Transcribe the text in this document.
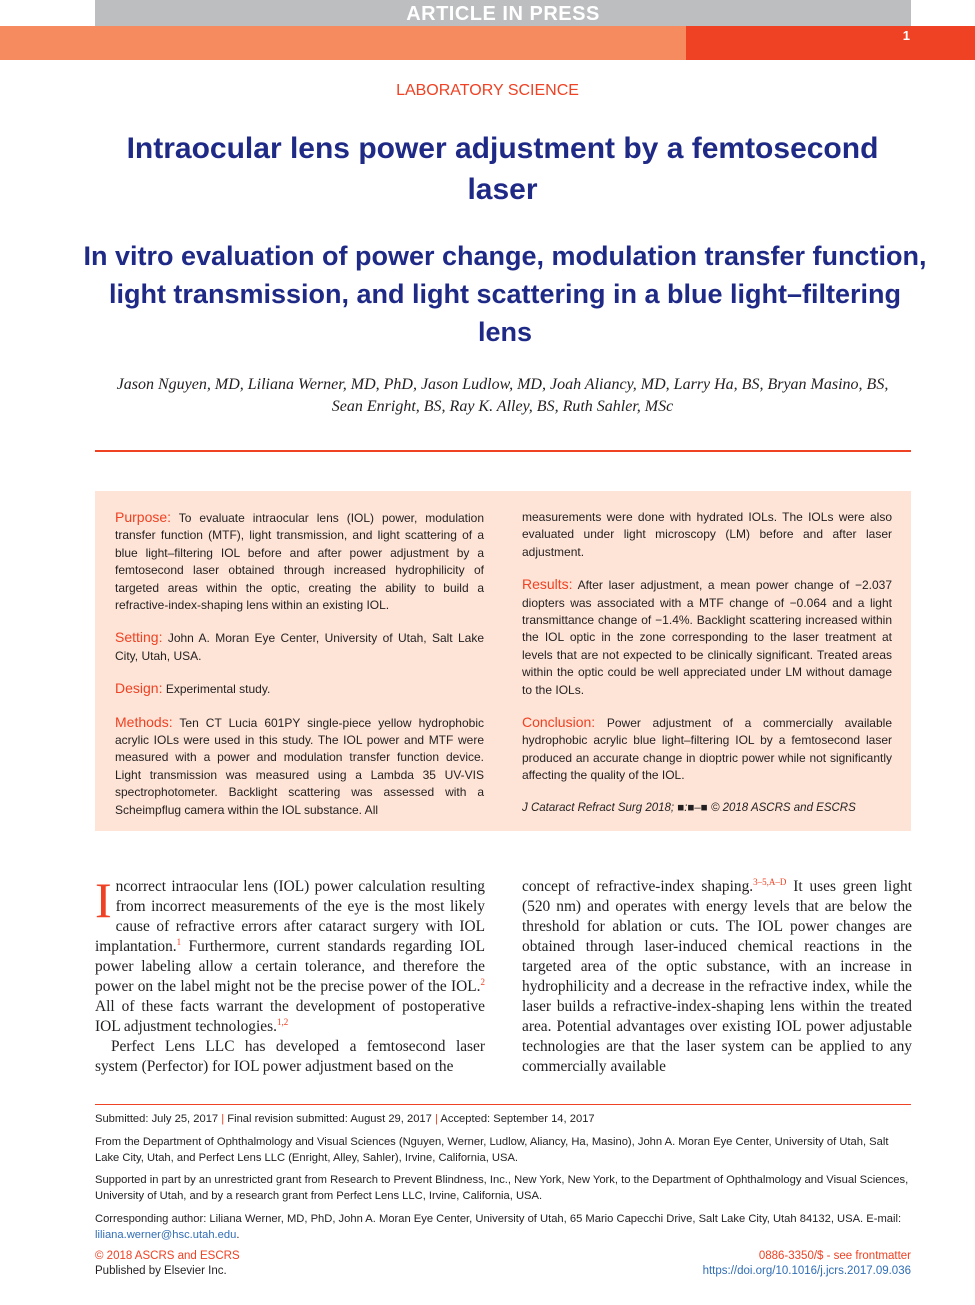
ARTICLE IN PRESS
1
LABORATORY SCIENCE
Intraocular lens power adjustment by a femtosecond laser
In vitro evaluation of power change, modulation transfer function, light transmission, and light scattering in a blue light–filtering lens
Jason Nguyen, MD, Liliana Werner, MD, PhD, Jason Ludlow, MD, Joah Aliancy, MD, Larry Ha, BS, Bryan Masino, BS, Sean Enright, BS, Ray K. Alley, BS, Ruth Sahler, MSc

Purpose: To evaluate intraocular lens (IOL) power, modulation transfer function (MTF), light transmission, and light scattering of a blue light–filtering IOL before and after power adjustment by a femtosecond laser obtained through increased hydrophilicity of targeted areas within the optic, creating the ability to build a refractive-index-shaping lens within an existing IOL.

Setting: John A. Moran Eye Center, University of Utah, Salt Lake City, Utah, USA.

Design: Experimental study.

Methods: Ten CT Lucia 601PY single-piece yellow hydrophobic acrylic IOLs were used in this study. The IOL power and MTF were measured with a power and modulation transfer function device. Light transmission was measured using a Lambda 35 UV-VIS spectrophotometer. Backlight scattering was assessed with a Scheimpflug camera within the IOL substance. All

measurements were done with hydrated IOLs. The IOLs were also evaluated under light microscopy (LM) before and after laser adjustment.

Results: After laser adjustment, a mean power change of −2.037 diopters was associated with a MTF change of −0.064 and a light transmittance change of −1.4%. Backlight scattering increased within the IOL optic in the zone corresponding to the laser treatment at levels that are not expected to be clinically significant. Treated areas within the optic could be well appreciated under LM without damage to the IOLs.

Conclusion: Power adjustment of a commercially available hydrophobic acrylic blue light–filtering IOL by a femtosecond laser produced an accurate change in dioptric power while not significantly affecting the quality of the IOL.

J Cataract Refract Surg 2018; ■:■–■ © 2018 ASCRS and ESCRS

Incorrect intraocular lens (IOL) power calculation resulting from incorrect measurements of the eye is the most likely cause of refractive errors after cataract surgery with IOL implantation.$^1$ Furthermore, current standards regarding IOL power labeling allow a certain tolerance, and therefore the power on the label might not be the precise power of the IOL.$^2$ All of these facts warrant the development of postoperative IOL adjustment technologies.$^{1,2}$

Perfect Lens LLC has developed a femtosecond laser system (Perfector) for IOL power adjustment based on the

concept of refractive-index shaping.$^{3-5,A-D}$ It uses green light (520 nm) and operates with energy levels that are below the threshold for ablation or cuts. The IOL power changes are obtained through laser-induced chemical reactions in the targeted area of the optic substance, with an increase in hydrophilicity and a decrease in the refractive index, while the laser builds a refractive-index-shaping lens within the treated area. Potential advantages over existing IOL power adjustable technologies are that the laser system can be applied to any commercially available

Submitted: July 25, 2017 | Final revision submitted: August 29, 2017 | Accepted: September 14, 2017

From the Department of Ophthalmology and Visual Sciences (Nguyen, Werner, Ludlow, Aliancy, Ha, Masino), John A. Moran Eye Center, University of Utah, Salt Lake City, Utah, and Perfect Lens LLC (Enright, Alley, Sahler), Irvine, California, USA.

Supported in part by an unrestricted grant from Research to Prevent Blindness, Inc., New York, New York, to the Department of Ophthalmology and Visual Sciences, University of Utah, and by a research grant from Perfect Lens LLC, Irvine, California, USA.

Corresponding author: Liliana Werner, MD, PhD, John A. Moran Eye Center, University of Utah, 65 Mario Capecchi Drive, Salt Lake City, Utah 84132, USA. E-mail: liliana.werner@hsc.utah.edu.

© 2018 ASCRS and ESCRS
Published by Elsevier Inc.
0886-3350/$ - see frontmatter
https://doi.org/10.1016/j.jcrs.2017.09.036
